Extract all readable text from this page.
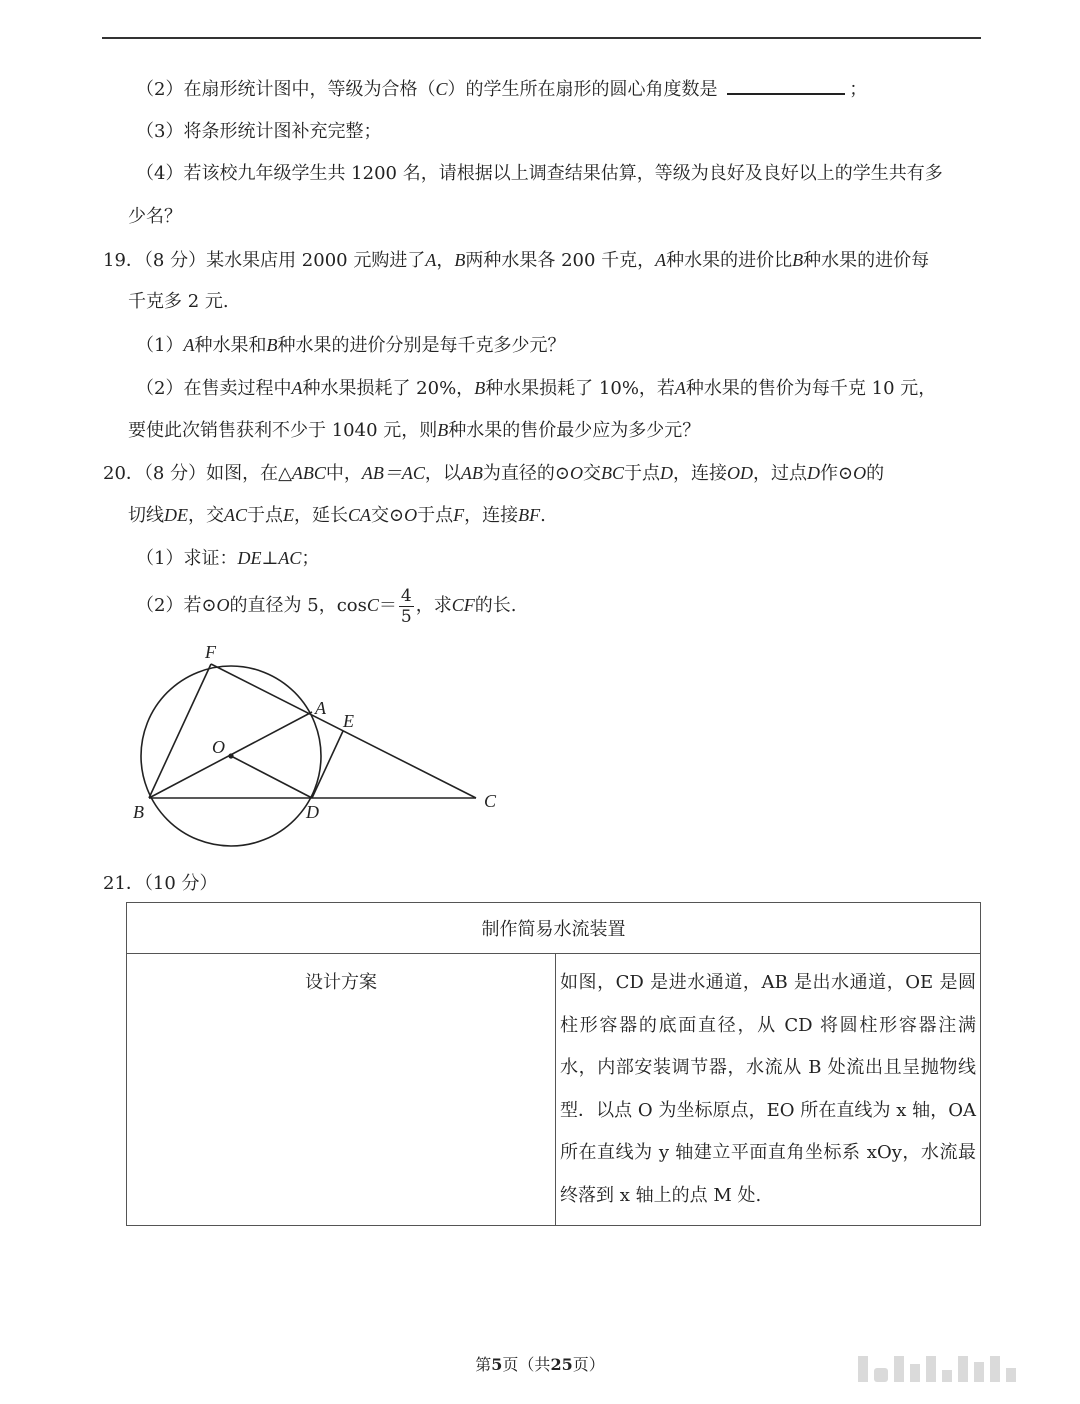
（2）在扇形统计图中，等级为合格（C）的学生所在扇形的圆心角度数是	；
（3）将条形统计图补充完整；
（4）若该校九年级学生共 1200 名，请根据以上调查结果估算，等级为良好及良好以上的学生共有多
少名？
19．（8 分）某水果店用 2000 元购进了A，B两种水果各 200 千克，A种水果的进价比B种水果的进价每
千克多 2 元.
（1）A种水果和B种水果的进价分别是每千克多少元？
（2）在售卖过程中A种水果损耗了 20%，B种水果损耗了 10%，若A种水果的售价为每千克 10 元，
要使此次销售获利不少于 1040 元，则B种水果的售价最少应为多少元？
20．（8 分）如图，在△ABC中，AB＝AC，以AB为直径的⊙O交BC于点D，连接OD，过点D作⊙O的
切线DE，交AC于点E，延长CA交⊙O于点F，连接BF.
（1）求证：DE⊥AC；
（2）若⊙O的直径为 5，$\cos C= \frac{4}{5}$ ，求CF的长.
F
A
E
O
B	D
C
21．（10 分）
制作简易水流装置
设计方案	如图，CD 是进水通道，AB 是出水通道，OE 是圆柱形容器的底面直径，从 CD 将圆柱形容器注满水，内部安装调节器，水流从 B 处流出且呈抛物线型．以点 O 为坐标原点，EO 所在直线为 x 轴，OA 所在直线为 y 轴建立平面直角坐标系 xOy，水流最终落到 x 轴上的点 M 处.
第5页（共25页）
